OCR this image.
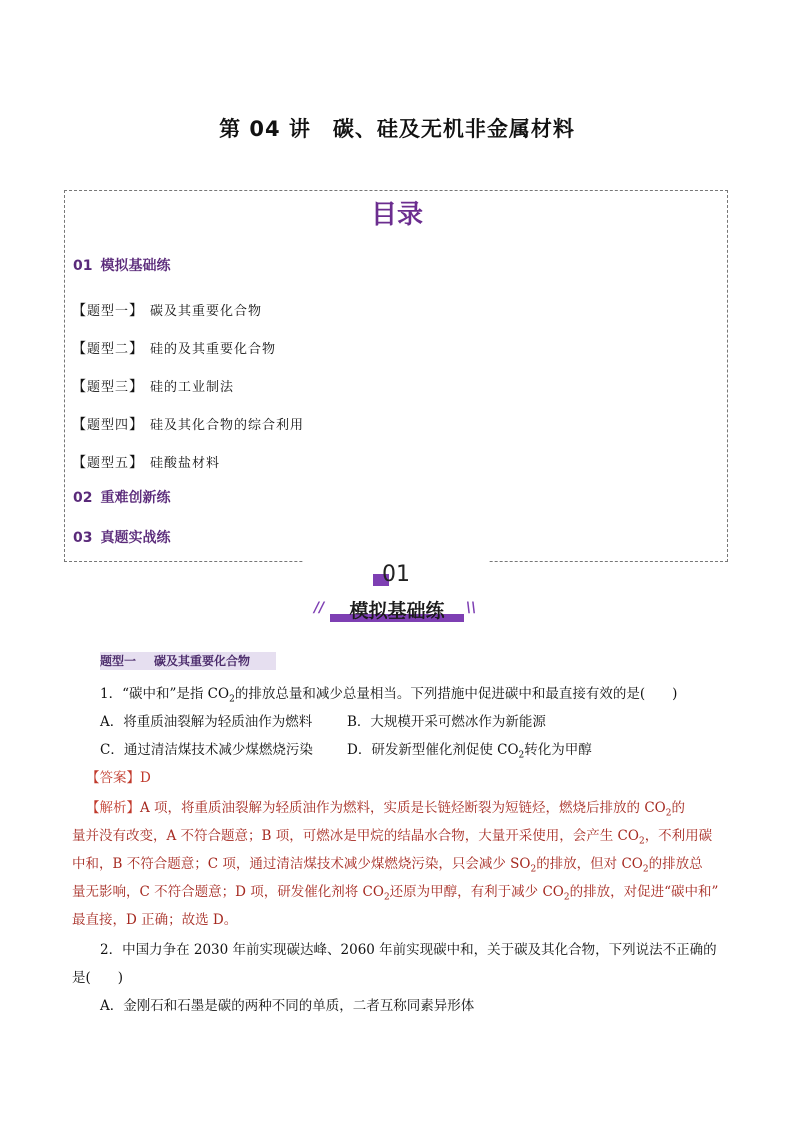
第 04 讲　碳、硅及无机非金属材料
目录
01 模拟基础练
【题型一】 碳及其重要化合物
【题型二】 硅的及其重要化合物
【题型三】 硅的工业制法
【题型四】 硅及其化合物的综合利用
【题型五】 硅酸盐材料
02 重难创新练
03 真题实战练
01
//	模拟基础练	\\
题型一 碳及其重要化合物
1．“碳中和”是指 $CO_2$的排放总量和减少总量相当。下列措施中促进碳中和最直接有效的是(　　)
A．将重质油裂解为轻质油作为燃料	B．大规模开采可燃冰作为新能源
C．通过清洁煤技术减少煤燃烧污染	D．研发新型催化剂促使 $CO_2$转化为甲醇
【答案】D
【解析】A 项，将重质油裂解为轻质油作为燃料，实质是长链烃断裂为短链烃，燃烧后排放的 $CO_2$的
量并没有改变，A 不符合题意；B 项，可燃冰是甲烷的结晶水合物，大量开采使用，会产生 $CO_2$，不利用碳
中和，B 不符合题意；C 项，通过清洁煤技术减少煤燃烧污染，只会减少 $SO_2$的排放，但对 $CO_2$的排放总
量无影响，C 不符合题意；D 项，研发催化剂将 $CO_2$还原为甲醇，有利于减少 $CO_2$的排放，对促进“碳中和”
最直接，D 正确；故选 D。
2．中国力争在 2030 年前实现碳达峰、2060 年前实现碳中和，关于碳及其化合物，下列说法不正确的
是(　　)
A．金刚石和石墨是碳的两种不同的单质，二者互称同素异形体
